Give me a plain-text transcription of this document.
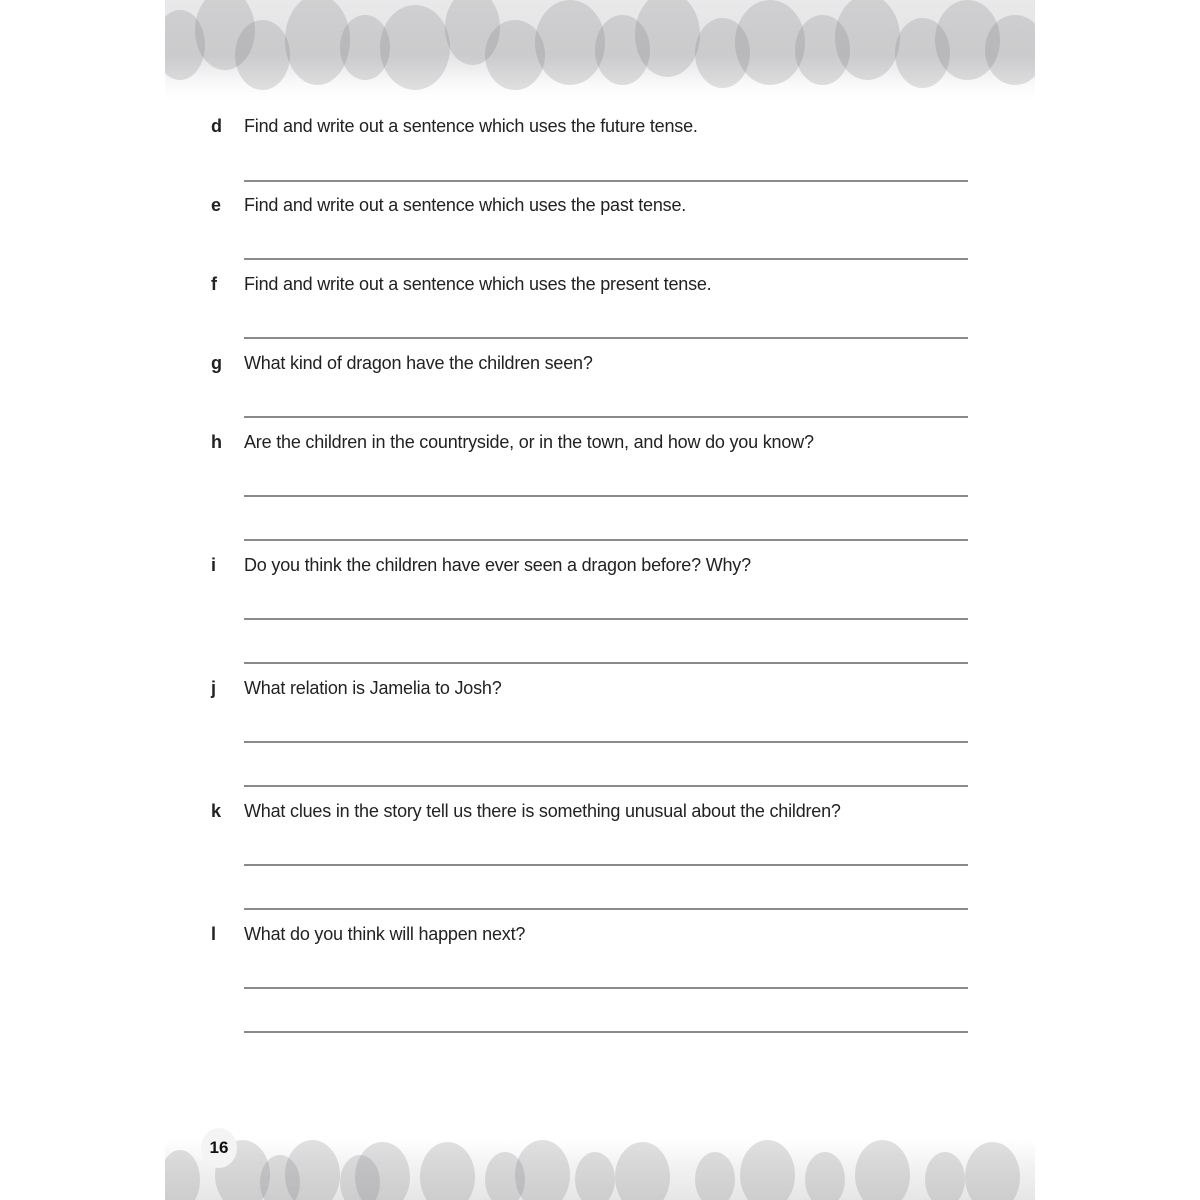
d Find and write out a sentence which uses the future tense.
e Find and write out a sentence which uses the past tense.
f Find and write out a sentence which uses the present tense.
g What kind of dragon have the children seen?
h Are the children in the countryside, or in the town, and how do you know?
i Do you think the children have ever seen a dragon before? Why?
j What relation is Jamelia to Josh?
k What clues in the story tell us there is something unusual about the children?
l What do you think will happen next?
16
